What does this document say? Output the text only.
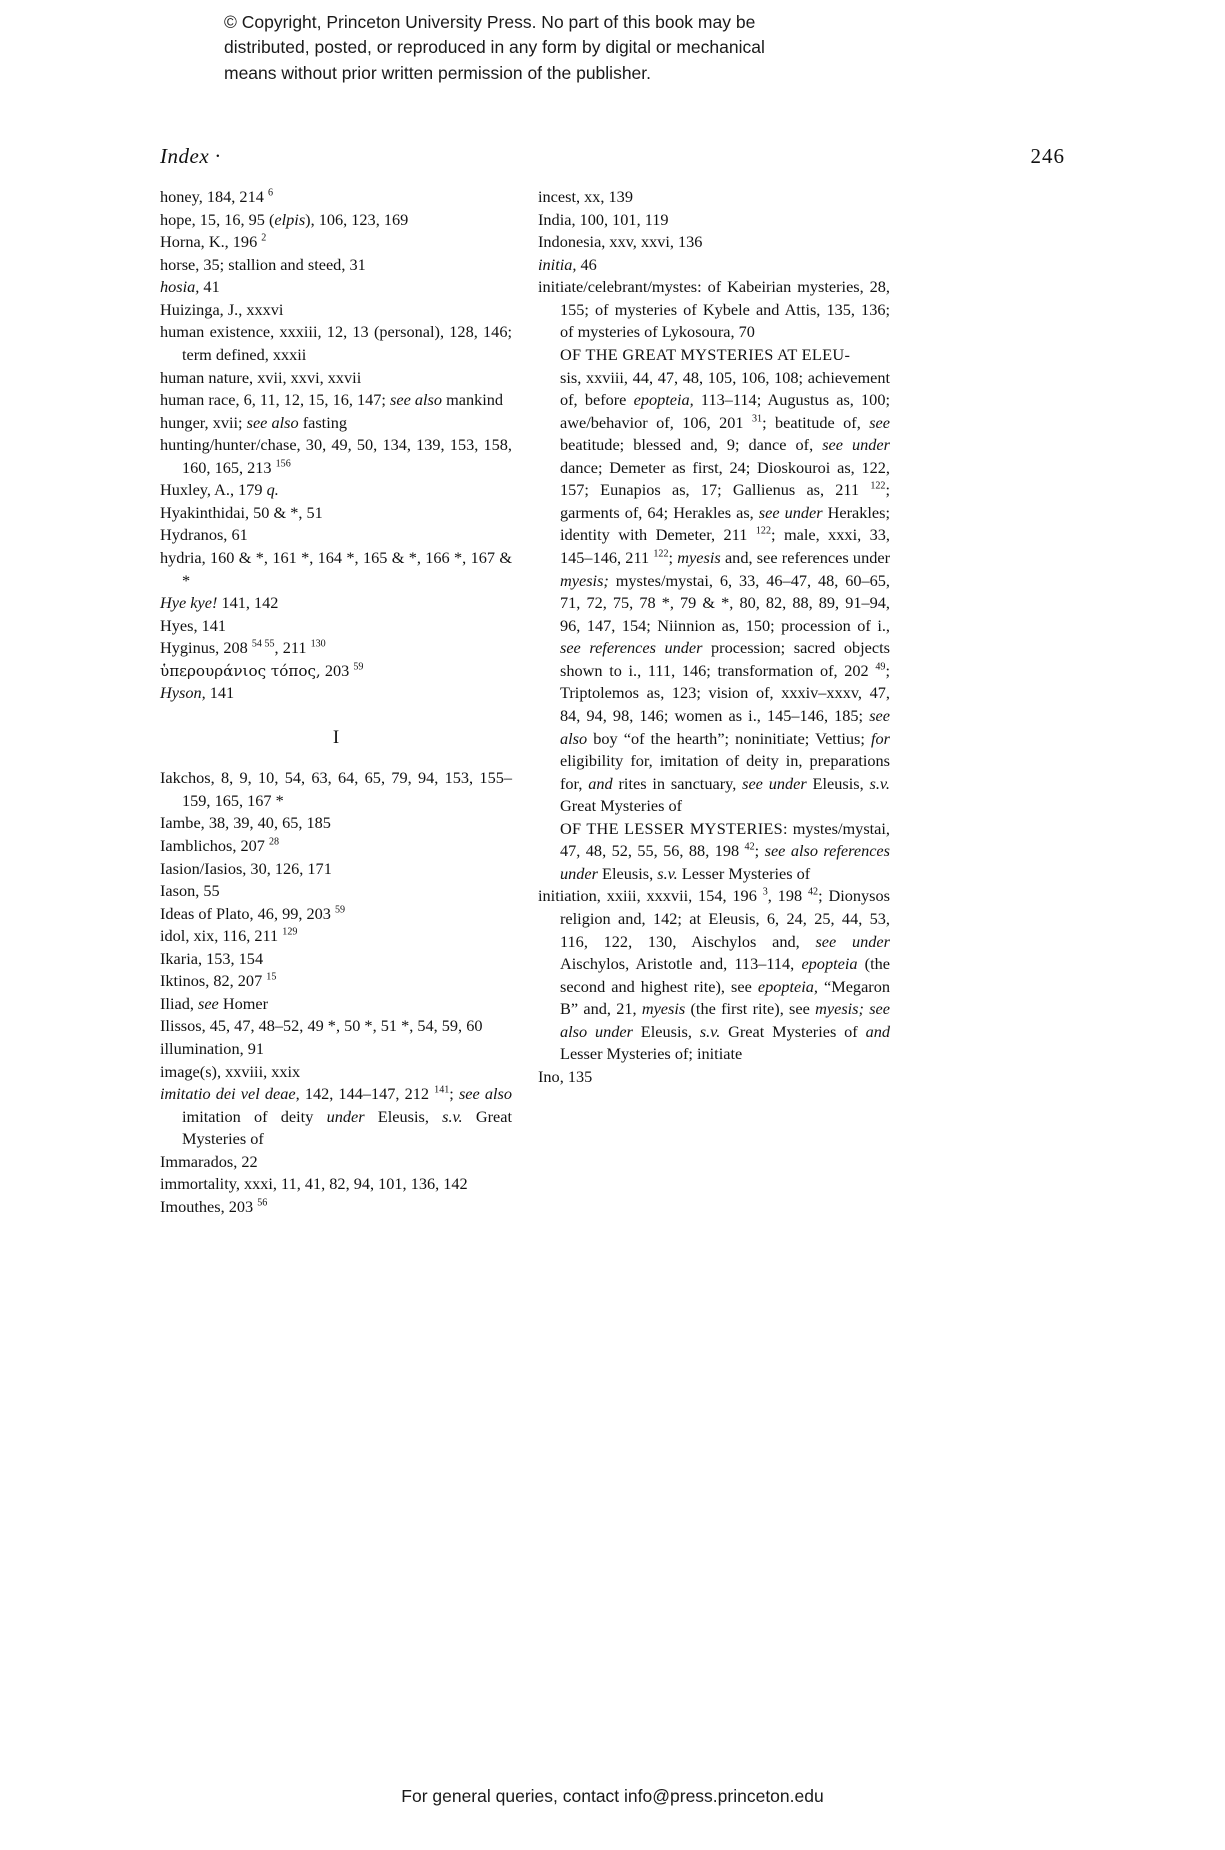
© Copyright, Princeton University Press. No part of this book may be
distributed, posted, or reproduced in any form by digital or mechanical
means without prior written permission of the publisher.
Index ·	246
honey, 184, 214 $^6$
hope, 15, 16, 95 (elpis), 106, 123, 169
Horna, K., 196 $^2$
horse, 35; stallion and steed, 31
hosia, 41
Huizinga, J., xxxvi
human existence, xxxiii, 12, 13 (personal), 128, 146; term defined, xxxii
human nature, xvii, xxvi, xxvii
human race, 6, 11, 12, 15, 16, 147; see also mankind
hunger, xvii; see also fasting
hunting/hunter/chase, 30, 49, 50, 134, 139, 153, 158, 160, 165, 213 $^{156}$
Huxley, A., 179 q.
Hyakinthidai, 50 & *, 51
Hydranos, 61
hydria, 160 & *, 161 *, 164 *, 165 & *, 166 *, 167 & *
Hye kye! 141, 142
Hyes, 141
Hyginus, 208 $^{54 55}$, 211 $^{130}$
ὑπερουράνιος τόπος, 203 $^{59}$
Hyson, 141
I
Iakchos, 8, 9, 10, 54, 63, 64, 65, 79, 94, 153, 155–159, 165, 167 *
Iambe, 38, 39, 40, 65, 185
Iamblichos, 207 $^{28}$
Iasion/Iasios, 30, 126, 171
Iason, 55
Ideas of Plato, 46, 99, 203 $^{59}$
idol, xix, 116, 211 $^{129}$
Ikaria, 153, 154
Iktinos, 82, 207 $^{15}$
Iliad, see Homer
Ilissos, 45, 47, 48–52, 49 *, 50 *, 51 *, 54, 59, 60
illumination, 91
image(s), xxviii, xxix
imitatio dei vel deae, 142, 144–147, 212 $^{141}$; see also imitation of deity under Eleusis, s.v. Great Mysteries of
Immarados, 22
immortality, xxxi, 11, 41, 82, 94, 101, 136, 142
Imouthes, 203 $^{56}$
incest, xx, 139
India, 100, 101, 119
Indonesia, xxv, xxvi, 136
initia, 46
initiate/celebrant/mystes: of Kabeirian mysteries, 28, 155; of mysteries of Kybele and Attis, 135, 136; of mysteries of Lykosoura, 70
OF THE GREAT MYSTERIES AT ELEU-
sis, xxviii, 44, 47, 48, 105, 106, 108; achievement of, before epopteia, 113–114; Augustus as, 100; awe/behavior of, 106, 201 $^{31}$; beatitude of, see beatitude; blessed and, 9; dance of, see under dance; Demeter as first, 24; Dioskouroi as, 122, 157; Eunapios as, 17; Gallienus as, 211 $^{122}$; garments of, 64; Herakles as, see under Herakles; identity with Demeter, 211 $^{122}$; male, xxxi, 33, 145–146, 211 $^{122}$; myesis and, see references under myesis; mystes/mystai, 6, 33, 46–47, 48, 60–65, 71, 72, 75, 78 *, 79 & *, 80, 82, 88, 89, 91–94, 96, 147, 154; Niinnion as, 150; procession of i., see references under procession; sacred objects shown to i., 111, 146; transformation of, 202 $^{49}$; Triptolemos as, 123; vision of, xxxiv–xxxv, 47, 84, 94, 98, 146; women as i., 145–146, 185; see also boy “of the hearth”; noninitiate; Vettius; for eligibility for, imitation of deity in, preparations for, and rites in sanctuary, see under Eleusis, s.v. Great Mysteries of
OF THE LESSER MYSTERIES: mystes/mystai, 47, 48, 52, 55, 56, 88, 198 $^{42}$; see also references under Eleusis, s.v. Lesser Mysteries of
initiation, xxiii, xxxvii, 154, 196 $^3$, 198 $^{42}$; Dionysos religion and, 142; at Eleusis, 6, 24, 25, 44, 53, 116, 122, 130, Aischylos and, see under Aischylos, Aristotle and, 113–114, epopteia (the second and highest rite), see epopteia, “Megaron B” and, 21, myesis (the first rite), see myesis; see also under Eleusis, s.v. Great Mysteries of and Lesser Mysteries of; initiate
Ino, 135
For general queries, contact info@press.princeton.edu
